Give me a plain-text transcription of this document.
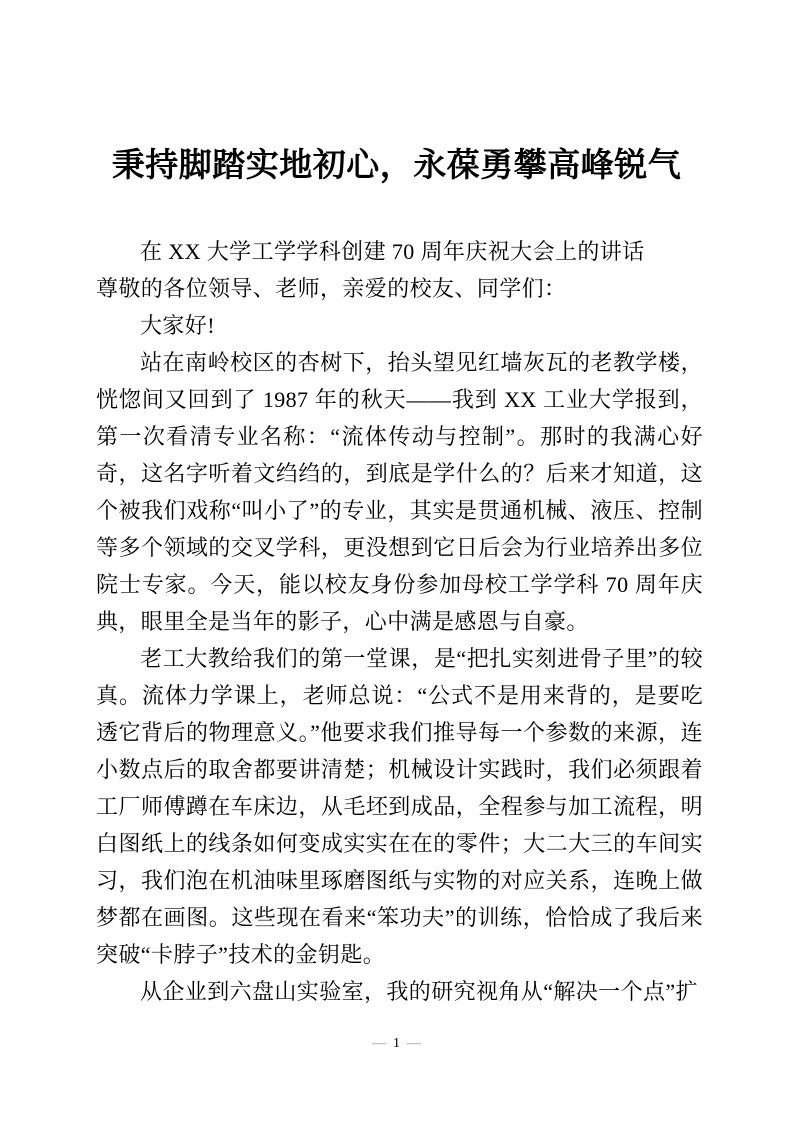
秉持脚踏实地初心，永葆勇攀高峰锐气

在 XX 大学工学学科创建 70 周年庆祝大会上的讲话

尊敬的各位领导、老师，亲爱的校友、同学们：

大家好!

站在南岭校区的杏树下，抬头望见红墙灰瓦的老教学楼，恍惚间又回到了 1987 年的秋天——我到 XX 工业大学报到，第一次看清专业名称：“流体传动与控制”。那时的我满心好奇，这名字听着文绉绉的，到底是学什么的？后来才知道，这个被我们戏称“叫小了”的专业，其实是贯通机械、液压、控制等多个领域的交叉学科，更没想到它日后会为行业培养出多位院士专家。今天，能以校友身份参加母校工学学科 70 周年庆典，眼里全是当年的影子，心中满是感恩与自豪。

老工大教给我们的第一堂课，是“把扎实刻进骨子里”的较真。流体力学课上，老师总说：“公式不是用来背的，是要吃透它背后的物理意义。”他要求我们推导每一个参数的来源，连小数点后的取舍都要讲清楚；机械设计实践时，我们必须跟着工厂师傅蹲在车床边，从毛坯到成品，全程参与加工流程，明白图纸上的线条如何变成实实在在的零件；大二大三的车间实习，我们泡在机油味里琢磨图纸与实物的对应关系，连晚上做梦都在画图。这些现在看来“笨功夫”的训练，恰恰成了我后来突破“卡脖子”技术的金钥匙。

从企业到六盘山实验室，我的研究视角从“解决一个点”扩

— 1 —
